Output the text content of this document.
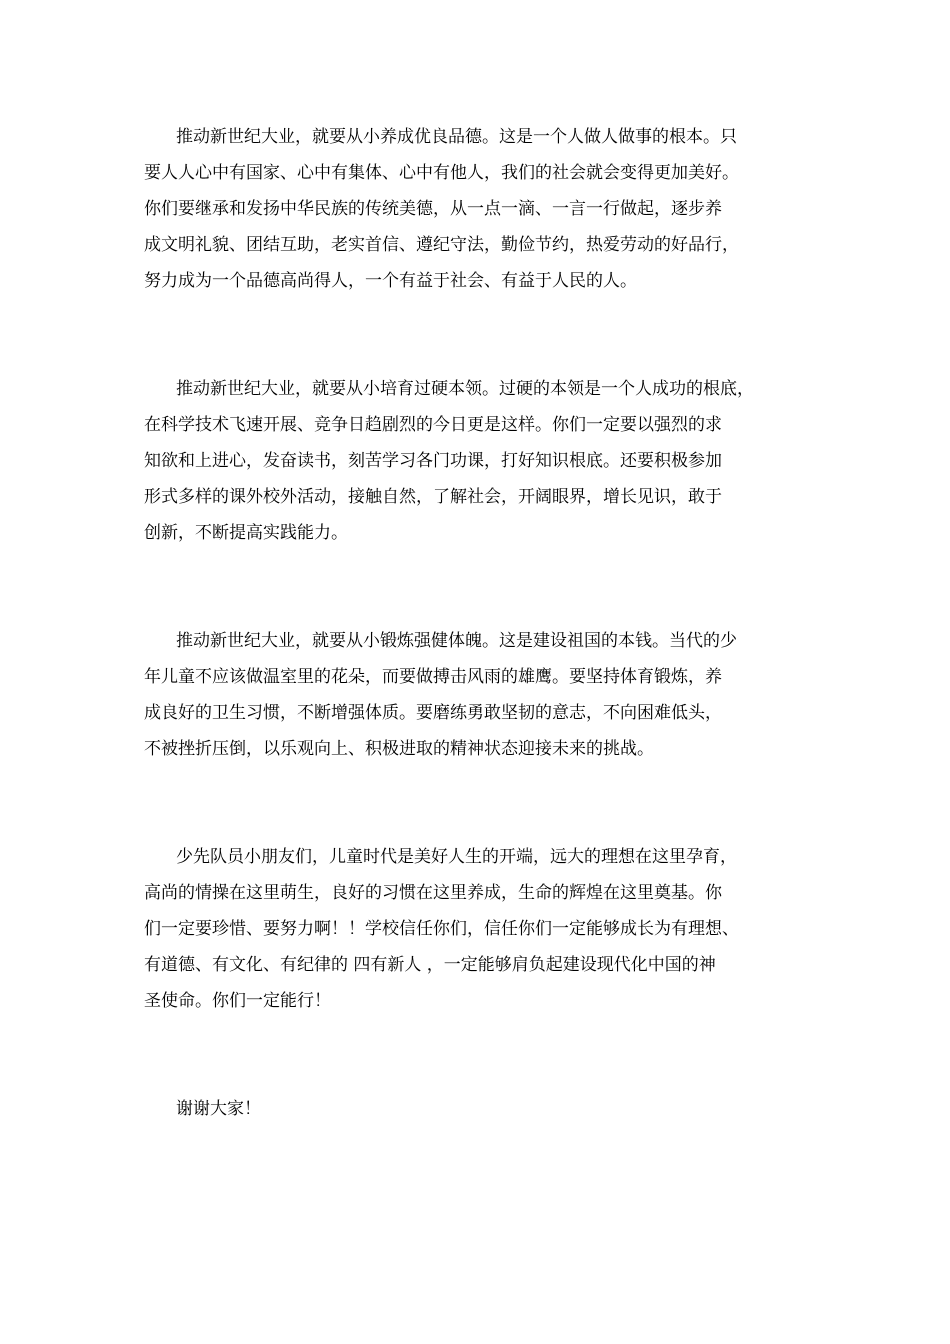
推动新世纪大业，就要从小养成优良品德。这是一个人做人做事的根本。只
要人人心中有国家、心中有集体、心中有他人，我们的社会就会变得更加美好。
你们要继承和发扬中华民族的传统美德，从一点一滴、一言一行做起，逐步养
成文明礼貌、团结互助，老实首信、遵纪守法，勤俭节约，热爱劳动的好品行，
努力成为一个品德高尚得人，一个有益于社会、有益于人民的人。

推动新世纪大业，就要从小培育过硬本领。过硬的本领是一个人成功的根底，
在科学技术飞速开展、竞争日趋剧烈的今日更是这样。你们一定要以强烈的求
知欲和上进心，发奋读书，刻苦学习各门功课，打好知识根底。还要积极参加
形式多样的课外校外活动，接触自然，了解社会，开阔眼界，增长见识，敢于
创新，不断提高实践能力。

推动新世纪大业，就要从小锻炼强健体魄。这是建设祖国的本钱。当代的少
年儿童不应该做温室里的花朵，而要做搏击风雨的雄鹰。要坚持体育锻炼，养
成良好的卫生习惯，不断增强体质。要磨练勇敢坚韧的意志，不向困难低头，
不被挫折压倒，以乐观向上、积极进取的精神状态迎接未来的挑战。

少先队员小朋友们，儿童时代是美好人生的开端，远大的理想在这里孕育，
高尚的情操在这里萌生，良好的习惯在这里养成，生命的辉煌在这里奠基。你
们一定要珍惜、要努力啊！！学校信任你们，信任你们一定能够成长为有理想、
有道德、有文化、有纪律的 四有新人 ，一定能够肩负起建设现代化中国的神
圣使命。你们一定能行！

谢谢大家！
